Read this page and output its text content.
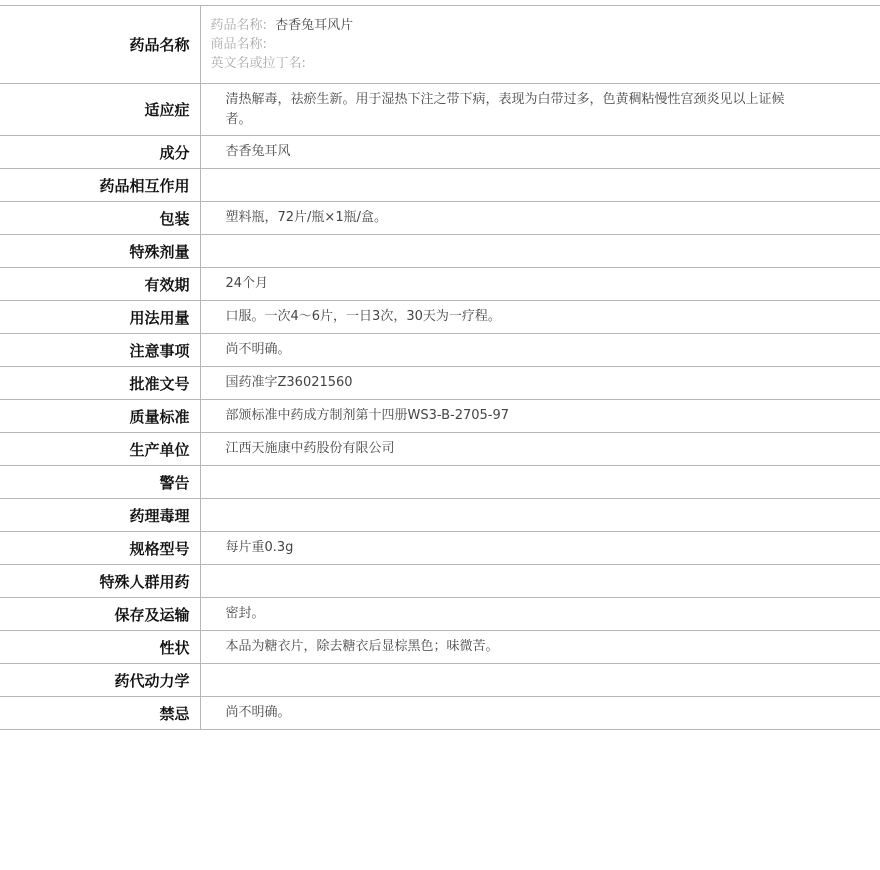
药品名称	药品名称: 杏香兔耳风片
商品名称:
英文名或拉丁名:

适应症	清热解毒，祛瘀生新。用于湿热下注之带下病，表现为白带过多，色黄稠粘慢性宫颈炎见以上证候者。
成分	杏香兔耳风
药品相互作用	
包装	塑料瓶，72片/瓶×1瓶/盒。
特殊剂量	
有效期	24个月
用法用量	口服。一次4～6片，一日3次，30天为一疗程。
注意事项	尚不明确。
批准文号	国药准字Z36021560
质量标准	部颁标准中药成方制剂第十四册WS3-B-2705-97
生产单位	江西天施康中药股份有限公司
警告	
药理毒理	
规格型号	每片重0.3g
特殊人群用药	
保存及运输	密封。
性状	本品为糖衣片，除去糖衣后显棕黑色；味微苦。
药代动力学	
禁忌	尚不明确。
